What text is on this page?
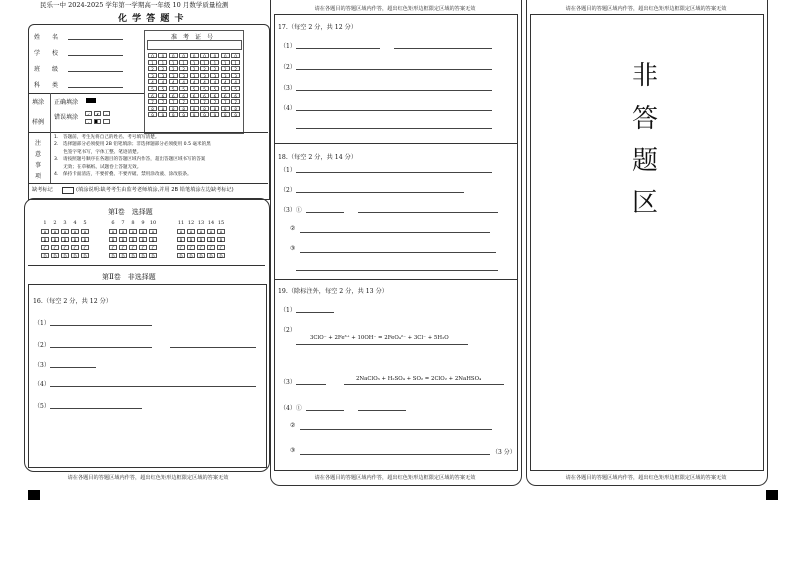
民乐一中 2024-2025 学年第一学期高一年级 10 月数学质量检测
化 学 答 题 卡
姓　　名
学　　校
班　　级
科　　类
准　考　证　号
0
1
2
3
4
5
6
7
8
9
0
1
2
3
4
5
6
7
8
9
0
1
2
3
4
5
6
7
8
9
0
1
2
3
4
5
6
7
8
9
0
1
2
3
4
5
6
7
8
9
0
1
2
3
4
5
6
7
8
9
0
1
2
3
4
5
6
7
8
9
0
1
2
3
4
5
6
7
8
9
0
1
2
3
4
5
6
7
8
9
填涂
样例
正确填涂
错误填涂	✓ ✗ –
·
注
意
事
项
1.　答题前，考生先将自己的姓名、考号填写清楚。
2.　选择题部分必须使用 2B 铅笔填涂；非选择题部分必须使用 0.5 毫米的黑
　　色签字笔书写，字体工整、笔迹清楚。
3.　请按照题号顺序在各题目的答题区域内作答，超出答题区域书写的答案
　　无效；在草稿纸、试题卷上答题无效。
4.　保持卡面清洁，不要折叠、不要弄破、禁用涂改液、涂改胶条。
缺考标记	(填涂说明:缺考考生由监考老师填涂,并用 2B 铅笔填涂左边缺考标记)
第Ⅰ卷　选择题
1	2	3	4	5
A	A	A	A	A
B	B	B	B	B
C	C	C	C	C
D	D	D	D	D
6	7	8	9	10
A	A	A	A	A
B	B	B	B	B
C	C	C	C	C
D	D	D	D	D
11 12 13 14 15
A	A	A	A	A
B	B	B	B	B
C	C	C	C	C
D	D	D	D	D
第Ⅱ卷　非选择题
16.（每空 2 分，共 12 分）
（1）
（2）
（3）
（4）
（5）
请在各题目的答题区域内作答，超出红色矩形边框限定区域的答案无效
请在各题目的答题区域内作答，超出红色矩形边框限定区域的答案无效
17.（每空 2 分，共 12 分）
（1）
（2）
（3）
（4）
18.（每空 2 分，共 14 分）
（1）
（2）
（3）①
②
③
19.（除标注外，每空 2 分，共 13 分）
（1）
（2）
3ClO⁻ + 2Fe³⁺ + 10OH⁻ = 2FeO₄²⁻ + 3Cl⁻ + 5H₂O
（3）	2NaClO₃ + H₂SO₄ + SO₂ = 2ClO₂ + 2NaHSO₄
（4）①
②
③	（3 分）
请在各题目的答题区域内作答，超出红色矩形边框限定区域的答案无效
请在各题目的答题区域内作答，超出红色矩形边框限定区域的答案无效
非
答
题
区
请在各题目的答题区域内作答，超出红色矩形边框限定区域的答案无效
